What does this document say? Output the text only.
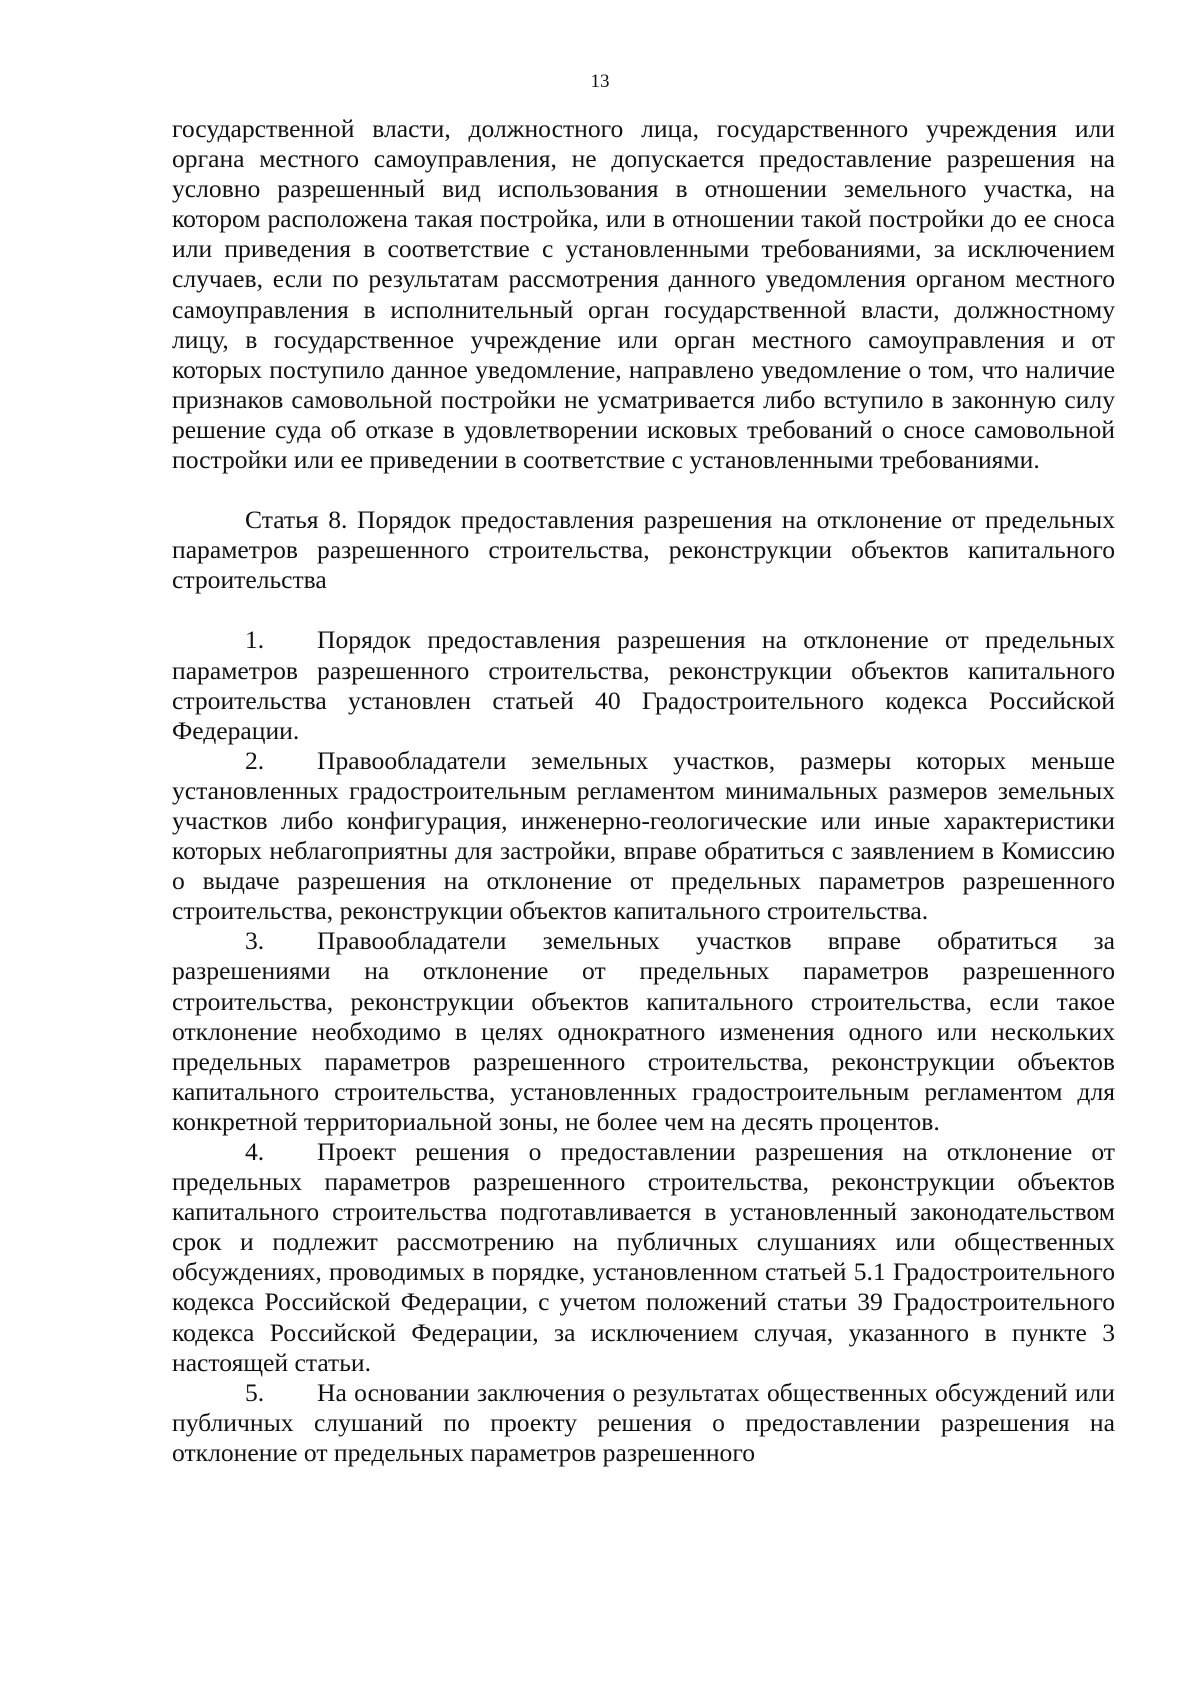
13

государственной власти, должностного лица, государственного учреждения или органа местного самоуправления, не допускается предоставление разрешения на условно разрешенный вид использования в отношении земельного участка, на котором расположена такая постройка, или в отношении такой постройки до ее сноса или приведения в соответствие с установленными требованиями, за исключением случаев, если по результатам рассмотрения данного уведомления органом местного самоуправления в исполнительный орган государственной власти, должностному лицу, в государственное учреждение или орган местного самоуправления и от которых поступило данное уведомление, направлено уведомление о том, что наличие признаков самовольной постройки не усматривается либо вступило в законную силу решение суда об отказе в удовлетворении исковых требований о сносе самовольной постройки или ее приведении в соответствие с установленными требованиями.

Статья 8. Порядок предоставления разрешения на отклонение от предельных параметров разрешенного строительства, реконструкции объектов капитального строительства

1. Порядок предоставления разрешения на отклонение от предельных параметров разрешенного строительства, реконструкции объектов капитального строительства установлен статьей 40 Градостроительного кодекса Российской Федерации.

2. Правообладатели земельных участков, размеры которых меньше установленных градостроительным регламентом минимальных размеров земельных участков либо конфигурация, инженерно-геологические или иные характеристики которых неблагоприятны для застройки, вправе обратиться с заявлением в Комиссию о выдаче разрешения на отклонение от предельных параметров разрешенного строительства, реконструкции объектов капитального строительства.

3. Правообладатели земельных участков вправе обратиться за разрешениями на отклонение от предельных параметров разрешенного строительства, реконструкции объектов капитального строительства, если такое отклонение необходимо в целях однократного изменения одного или нескольких предельных параметров разрешенного строительства, реконструкции объектов капитального строительства, установленных градостроительным регламентом для конкретной территориальной зоны, не более чем на десять процентов.

4. Проект решения о предоставлении разрешения на отклонение от предельных параметров разрешенного строительства, реконструкции объектов капитального строительства подготавливается в установленный законодательством срок и подлежит рассмотрению на публичных слушаниях или общественных обсуждениях, проводимых в порядке, установленном статьей 5.1 Градостроительного кодекса Российской Федерации, с учетом положений статьи 39 Градостроительного кодекса Российской Федерации, за исключением случая, указанного в пункте 3 настоящей статьи.

5. На основании заключения о результатах общественных обсуждений или публичных слушаний по проекту решения о предоставлении разрешения на отклонение от предельных параметров разрешенного
